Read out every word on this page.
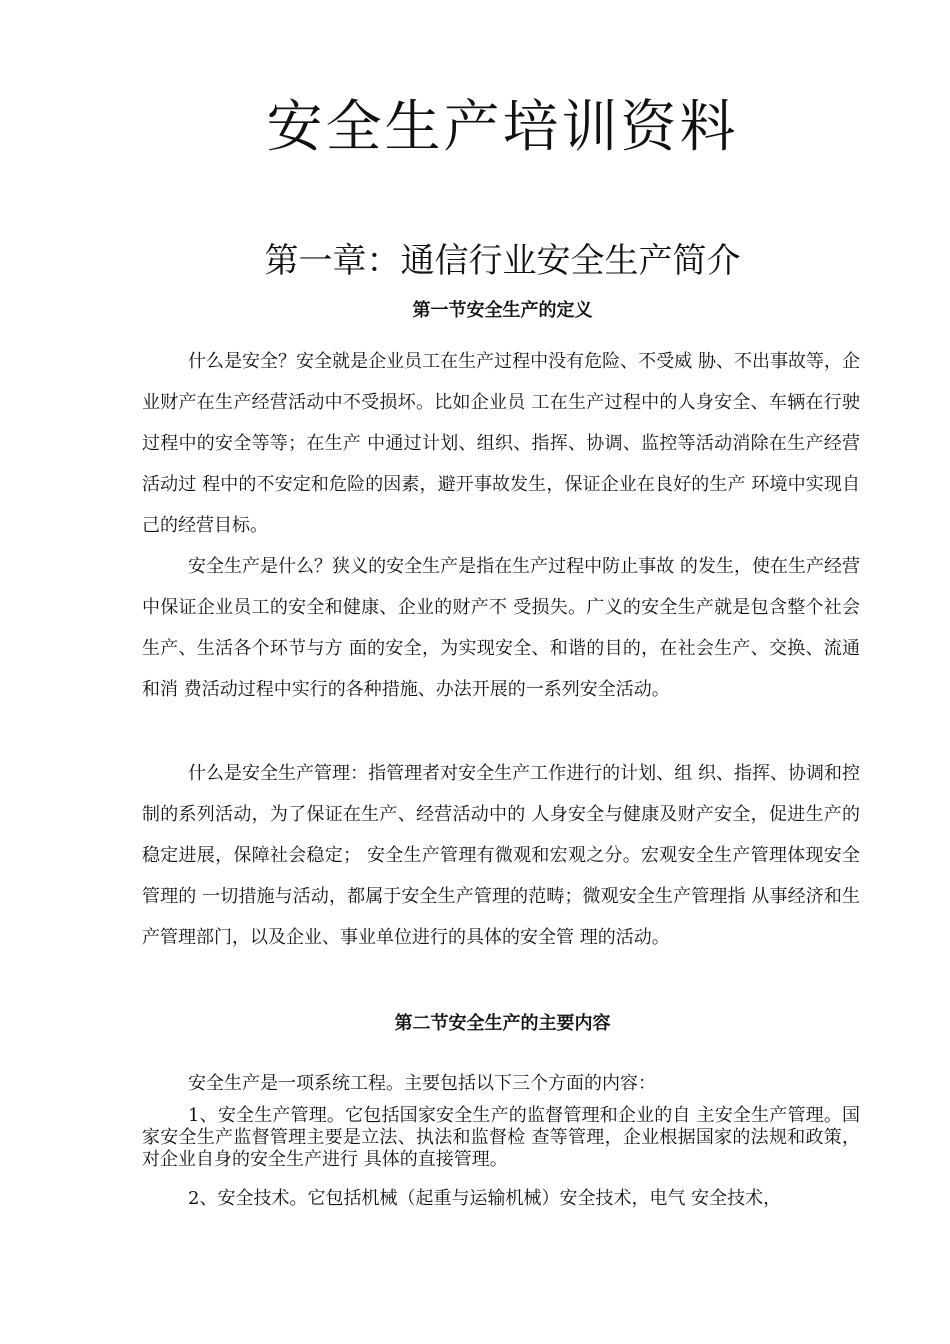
安全生产培训资料
第一章：通信行业安全生产简介
第一节安全生产的定义

什么是安全？安全就是企业员工在生产过程中没有危险、不受威 胁、不出事故等，企业财产在生产经营活动中不受损坏。比如企业员 工在生产过程中的人身安全、车辆在行驶过程中的安全等等；在生产 中通过计划、组织、指挥、协调、监控等活动消除在生产经营活动过 程中的不安定和危险的因素，避开事故发生，保证企业在良好的生产 环境中实现自己的经营目标。

安全生产是什么？狭义的安全生产是指在生产过程中防止事故 的发生，使在生产经营中保证企业员工的安全和健康、企业的财产不 受损失。广义的安全生产就是包含整个社会生产、生活各个环节与方 面的安全，为实现安全、和谐的目的，在社会生产、交换、流通和消 费活动过程中实行的各种措施、办法开展的一系列安全活动。

什么是安全生产管理：指管理者对安全生产工作进行的计划、组 织、指挥、协调和控制的系列活动，为了保证在生产、经营活动中的 人身安全与健康及财产安全，促进生产的稳定进展，保障社会稳定； 安全生产管理有微观和宏观之分。宏观安全生产管理体现安全管理的 一切措施与活动，都属于安全生产管理的范畴；微观安全生产管理指 从事经济和生产管理部门，以及企业、事业单位进行的具体的安全管 理的活动。

第二节安全生产的主要内容

安全生产是一项系统工程。主要包括以下三个方面的内容：

1、安全生产管理。它包括国家安全生产的监督管理和企业的自 主安全生产管理。国家安全生产监督管理主要是立法、执法和监督检 查等管理，企业根据国家的法规和政策，对企业自身的安全生产进行 具体的直接管理。

2、安全技术。它包括机械（起重与运输机械）安全技术，电气 安全技术，
